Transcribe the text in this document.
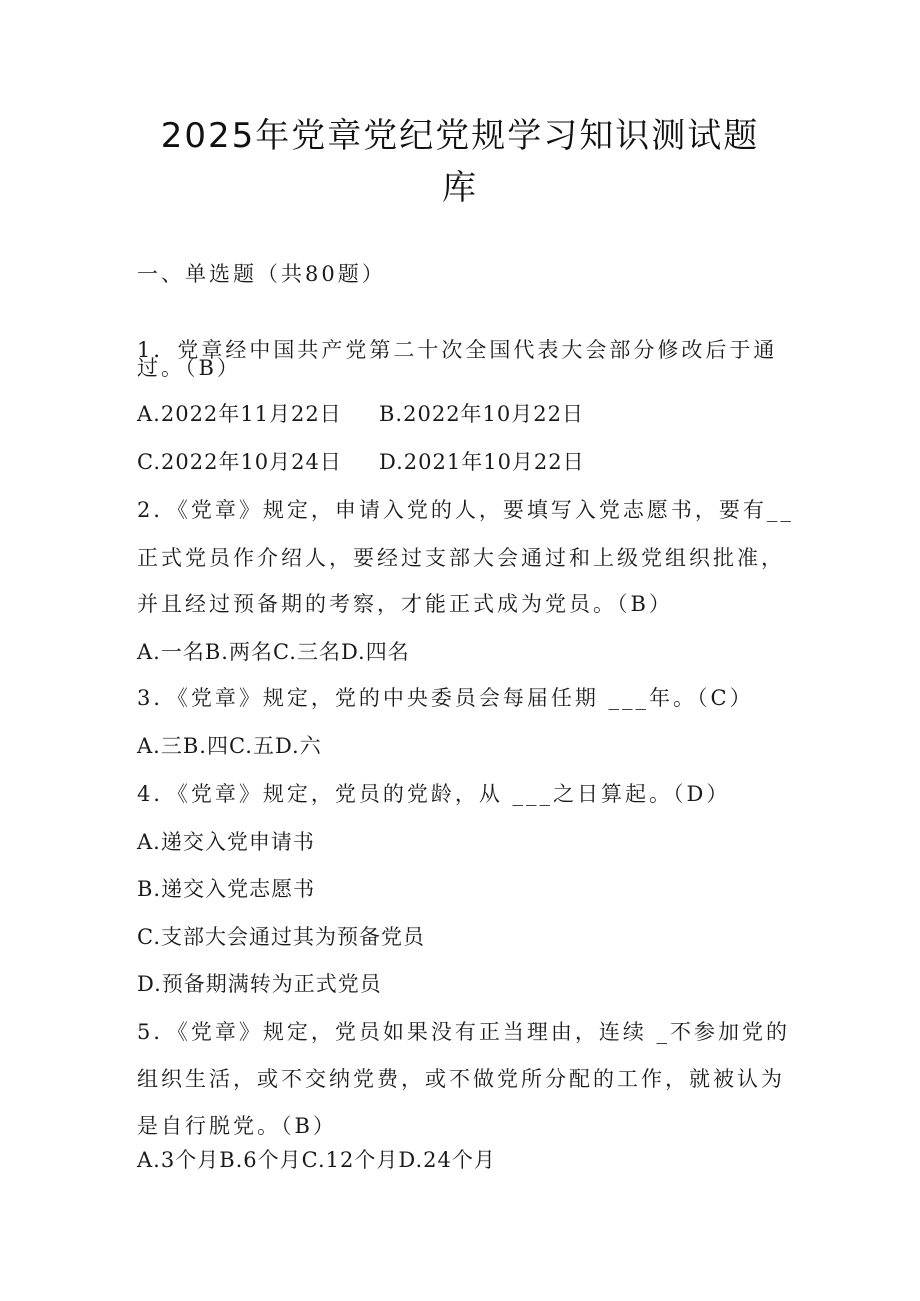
2025年党章党纪党规学习知识测试题
库
一、单选题（共80题）
1．党章经中国共产党第二十次全国代表大会部分修改后于通
过。（B）
A.2022年11月22日 B.2022年10月22日
C.2022年10月24日 D.2021年10月22日
2．《党章》规定，申请入党的人，要填写入党志愿书，要有__
正式党员作介绍人，要经过支部大会通过和上级党组织批准，
并且经过预备期的考察，才能正式成为党员。（B）
A.一名B.两名C.三名D.四名
3．《党章》规定，党的中央委员会每届任期 ___年。（C）
A.三B.四C.五D.六
4．《党章》规定，党员的党龄，从 ___之日算起。（D）
A.递交入党申请书
B.递交入党志愿书
C.支部大会通过其为预备党员
D.预备期满转为正式党员
5．《党章》规定，党员如果没有正当理由，连续 _不参加党的
组织生活，或不交纳党费，或不做党所分配的工作，就被认为
是自行脱党。（B）
A.3个月B.6个月C.12个月D.24个月
